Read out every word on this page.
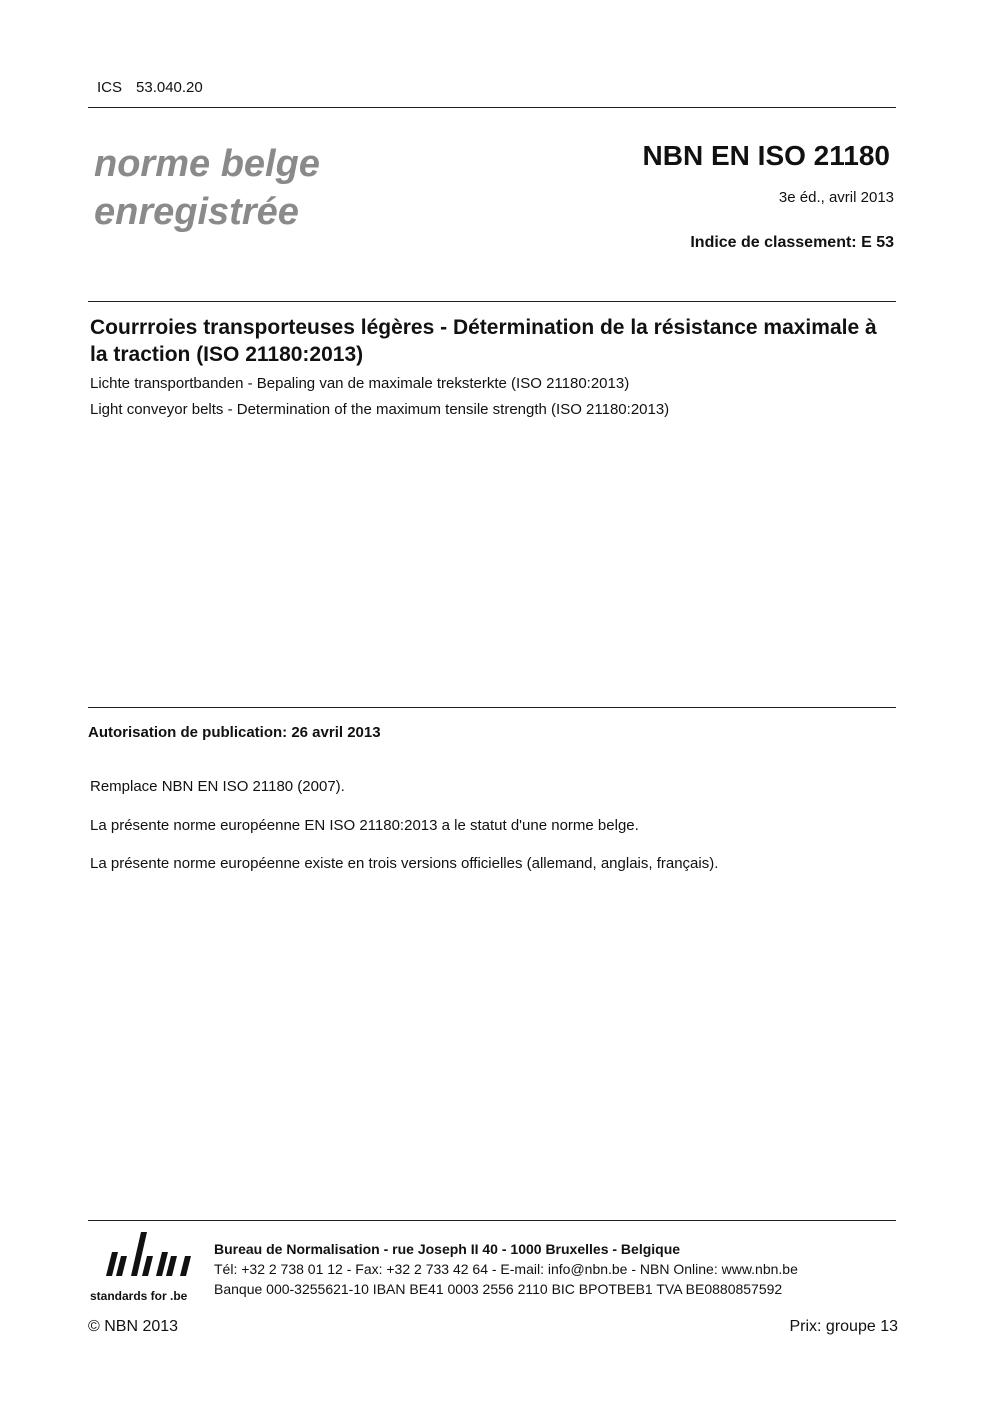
ICS 53.040.20
norme belge
enregistrée
NBN EN ISO 21180
3e éd., avril 2013
Indice de classement: E 53
Courrroies transporteuses légères - Détermination de la résistance maximale à la traction (ISO 21180:2013)
Lichte transportbanden - Bepaling van de maximale treksterkte (ISO 21180:2013)
Light conveyor belts - Determination of the maximum tensile strength (ISO 21180:2013)
Autorisation de publication: 26 avril 2013
Remplace NBN EN ISO 21180 (2007).
La présente norme européenne EN ISO 21180:2013 a le statut d'une norme belge.
La présente norme européenne existe en trois versions officielles (allemand, anglais, français).
standards for .be
Bureau de Normalisation - rue Joseph II 40 - 1000 Bruxelles - Belgique
Tél: +32 2 738 01 12 - Fax: +32 2 733 42 64 - E-mail: info@nbn.be - NBN Online: www.nbn.be
Banque 000-3255621-10 IBAN BE41 0003 2556 2110 BIC BPOTBEB1 TVA BE0880857592
© NBN 2013	Prix: groupe 13
